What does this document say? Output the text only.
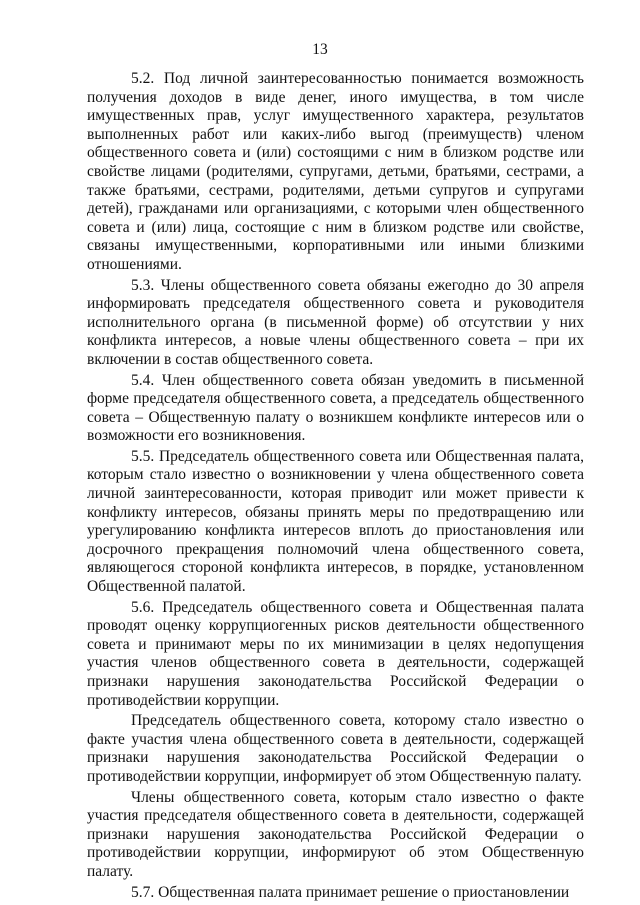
13

5.2. Под личной заинтересованностью понимается возможность получения доходов в виде денег, иного имущества, в том числе имущественных прав, услуг имущественного характера, результатов выполненных работ или каких-либо выгод (преимуществ) членом общественного совета и (или) состоящими с ним в близком родстве или свойстве лицами (родителями, супругами, детьми, братьями, сестрами, а также братьями, сестрами, родителями, детьми супругов и супругами детей), гражданами или организациями, с которыми член общественного совета и (или) лица, состоящие с ним в близком родстве или свойстве, связаны имущественными, корпоративными или иными близкими отношениями.

5.3. Члены общественного совета обязаны ежегодно до 30 апреля информировать председателя общественного совета и руководителя исполнительного органа (в письменной форме) об отсутствии у них конфликта интересов, а новые члены общественного совета – при их включении в состав общественного совета.

5.4. Член общественного совета обязан уведомить в письменной форме председателя общественного совета, а председатель общественного совета – Общественную палату о возникшем конфликте интересов или о возможности его возникновения.

5.5. Председатель общественного совета или Общественная палата, которым стало известно о возникновении у члена общественного совета личной заинтересованности, которая приводит или может привести к конфликту интересов, обязаны принять меры по предотвращению или урегулированию конфликта интересов вплоть до приостановления или досрочного прекращения полномочий члена общественного совета, являющегося стороной конфликта интересов, в порядке, установленном Общественной палатой.

5.6. Председатель общественного совета и Общественная палата проводят оценку коррупциогенных рисков деятельности общественного совета и принимают меры по их минимизации в целях недопущения участия членов общественного совета в деятельности, содержащей признаки нарушения законодательства Российской Федерации о противодействии коррупции.

Председатель общественного совета, которому стало известно о факте участия члена общественного совета в деятельности, содержащей признаки нарушения законодательства Российской Федерации о противодействии коррупции, информирует об этом Общественную палату.

Члены общественного совета, которым стало известно о факте участия председателя общественного совета в деятельности, содержащей признаки нарушения законодательства Российской Федерации о противодействии коррупции, информируют об этом Общественную палату.

5.7. Общественная палата принимает решение о приостановлении
